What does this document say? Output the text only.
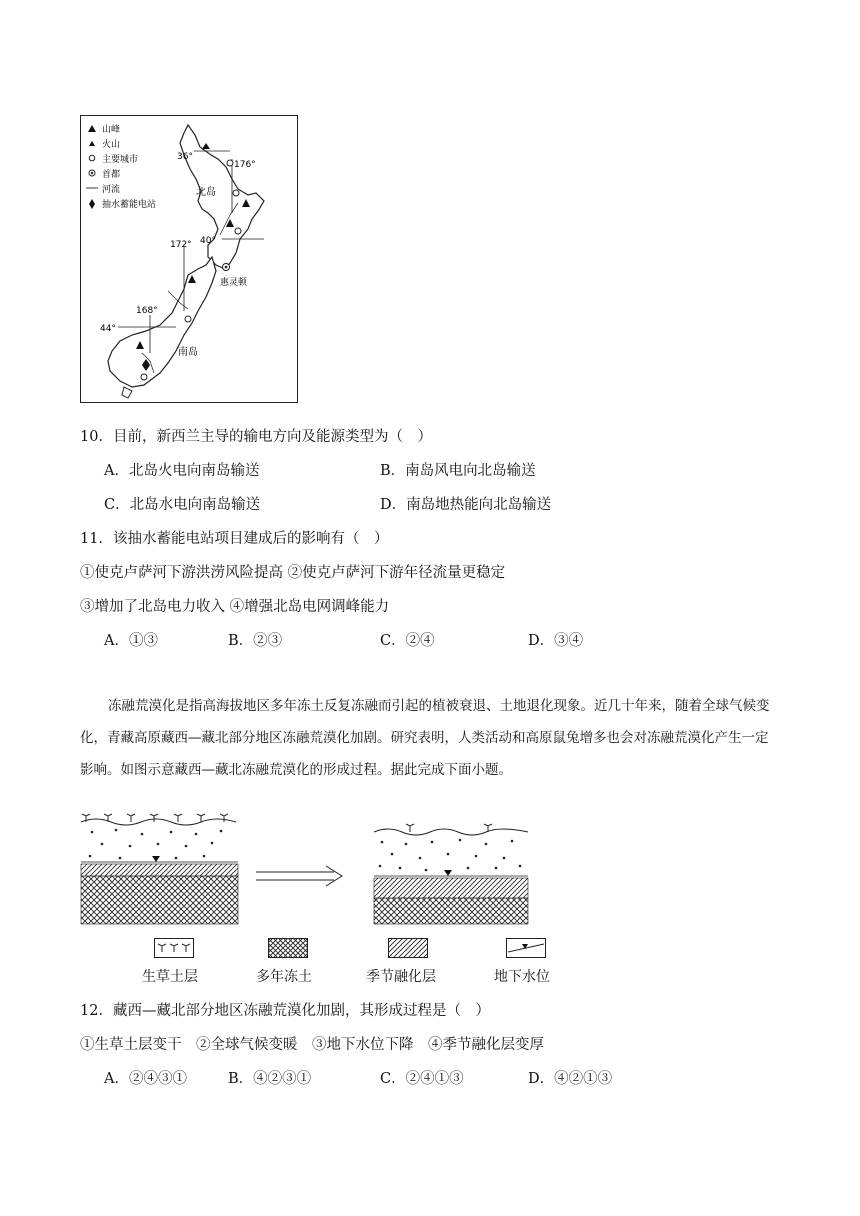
36°
176°
北岛
40°
172°
惠灵顿
168°
44°
南岛
山峰
火山
主要城市
首都
河流
抽水蓄能电站
10．目前，新西兰主导的输电方向及能源类型为（　）
A．北岛火电向南岛输送	B．南岛风电向北岛输送
C．北岛水电向南岛输送	D．南岛地热能向北岛输送
11．该抽水蓄能电站项目建成后的影响有（　）
①使克卢萨河下游洪涝风险提高 ②使克卢萨河下游年径流量更稳定
③增加了北岛电力收入 ④增强北岛电网调峰能力
A．①③	B．②③	C．②④	D．③④
冻融荒漠化是指高海拔地区多年冻土反复冻融而引起的植被衰退、土地退化现象。近几十年来，随着全球气候变化，青藏高原藏西—藏北部分地区冻融荒漠化加剧。研究表明，人类活动和高原鼠兔增多也会对冻融荒漠化产生一定影响。如图示意藏西—藏北冻融荒漠化的形成过程。据此完成下面小题。
生草土层	多年冻土	季节融化层	地下水位
12．藏西—藏北部分地区冻融荒漠化加剧，其形成过程是（　）
①生草土层变干　②全球气候变暖　③地下水位下降　④季节融化层变厚
A．②④③①	B．④②③①	C．②④①③	D．④②①③
